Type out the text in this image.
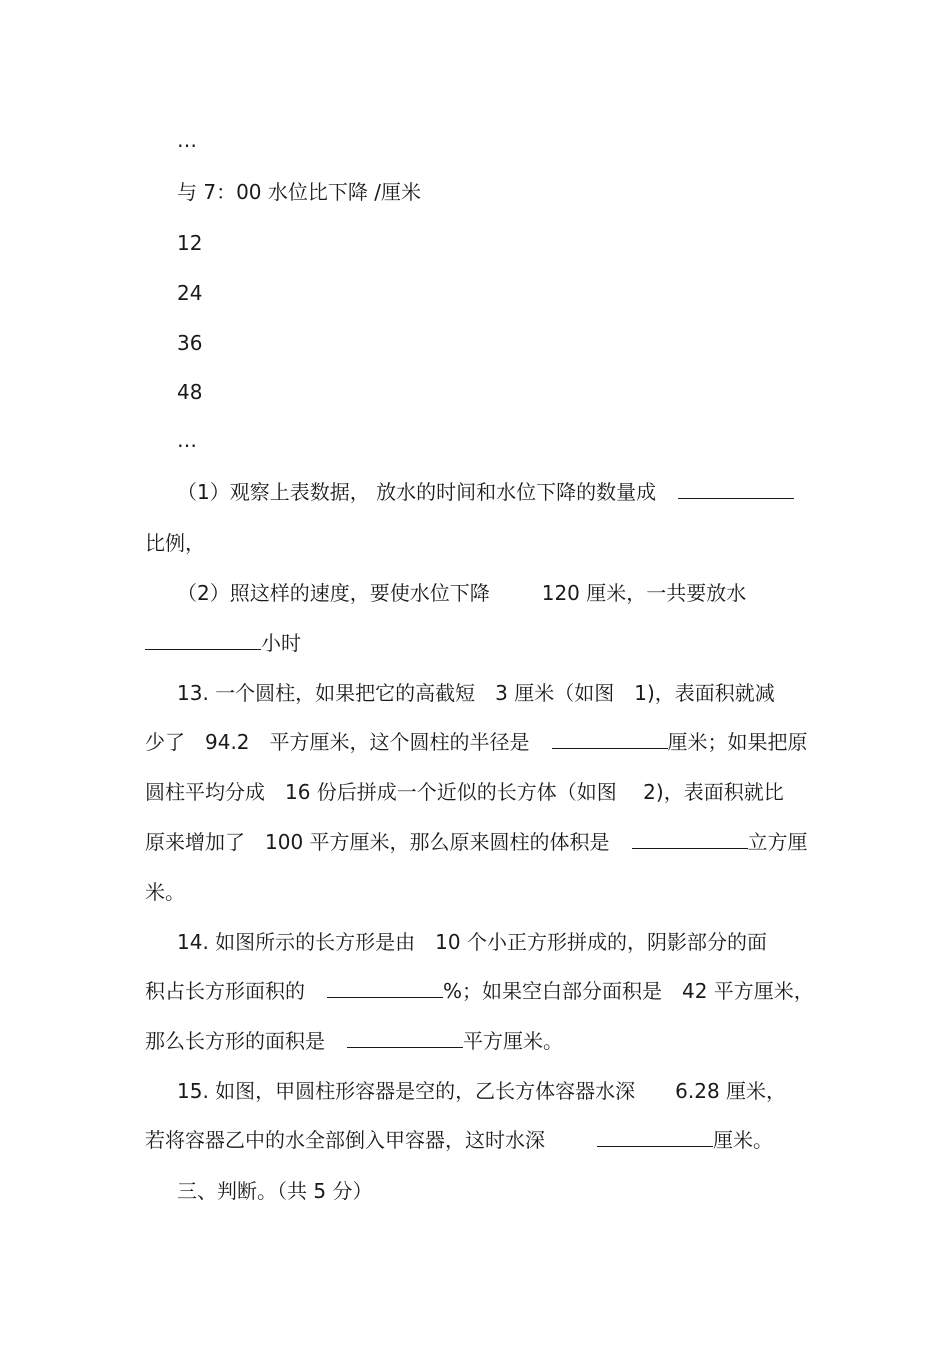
…
与 7：00 水位比下降 /厘米
12
24
36
48
…
（1）观察上表数据， 放水的时间和水位下降的数量成
比例，
（2）照这样的速度，要使水位下降	120 厘米，一共要放水
小时
13. 一个圆柱，如果把它的高截短　3 厘米（如图　1)，表面积就减
少了　94.2　平方厘米，这个圆柱的半径是	厘米；如果把原
圆柱平均分成　16 份后拼成一个近似的长方体（如图　 2)，表面积就比
原来增加了　100 平方厘米，那么原来圆柱的体积是	立方厘
米。
14. 如图所示的长方形是由　10 个小正方形拼成的，阴影部分的面
积占长方形面积的	%；如果空白部分面积是　42 平方厘米，
那么长方形的面积是	平方厘米。
15. 如图，甲圆柱形容器是空的，乙长方体容器水深　　6.28 厘米，
若将容器乙中的水全部倒入甲容器，这时水深	厘米。
三、判断。（共 5 分）
